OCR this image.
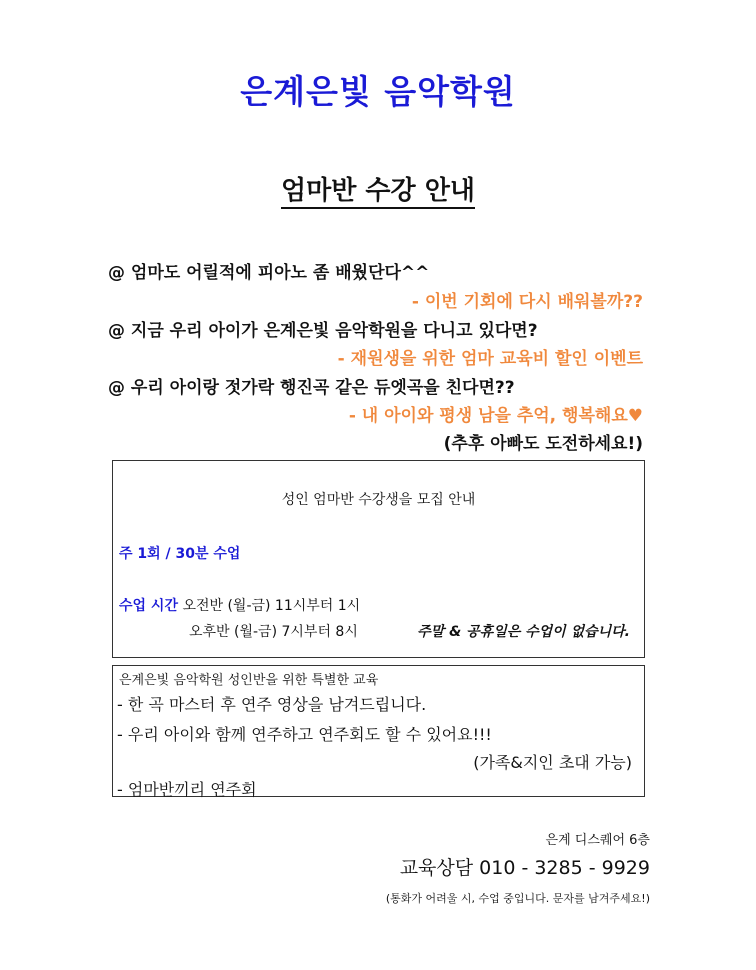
은계은빛 음악학원
엄마반 수강 안내
@ 엄마도 어릴적에 피아노 좀 배웠단다^^
- 이번 기회에 다시 배워볼까??
@ 지금 우리 아이가 은계은빛 음악학원을 다니고 있다면?
- 재원생을 위한 엄마 교육비 할인 이벤트
@ 우리 아이랑 젓가락 행진곡 같은 듀엣곡을 친다면??
- 내 아이와 평생 남을 추억, 행복해요♥
(추후 아빠도 도전하세요!)
성인 엄마반 수강생을 모집 안내
주 1회 / 30분 수업
수업 시간 오전반 (월-금) 11시부터 1시
오후반 (월-금) 7시부터 8시	주말 & 공휴일은 수업이 없습니다.
은계은빛 음악학원 성인반을 위한 특별한 교육
- 한 곡 마스터 후 연주 영상을 남겨드립니다.
- 우리 아이와 함께 연주하고 연주회도 할 수 있어요!!!
(가족&지인 초대 가능)
- 엄마반끼리 연주회
은계 디스퀘어 6층
교육상담 010 - 3285 - 9929
(통화가 어려울 시, 수업 중입니다. 문자를 남겨주세요!)
